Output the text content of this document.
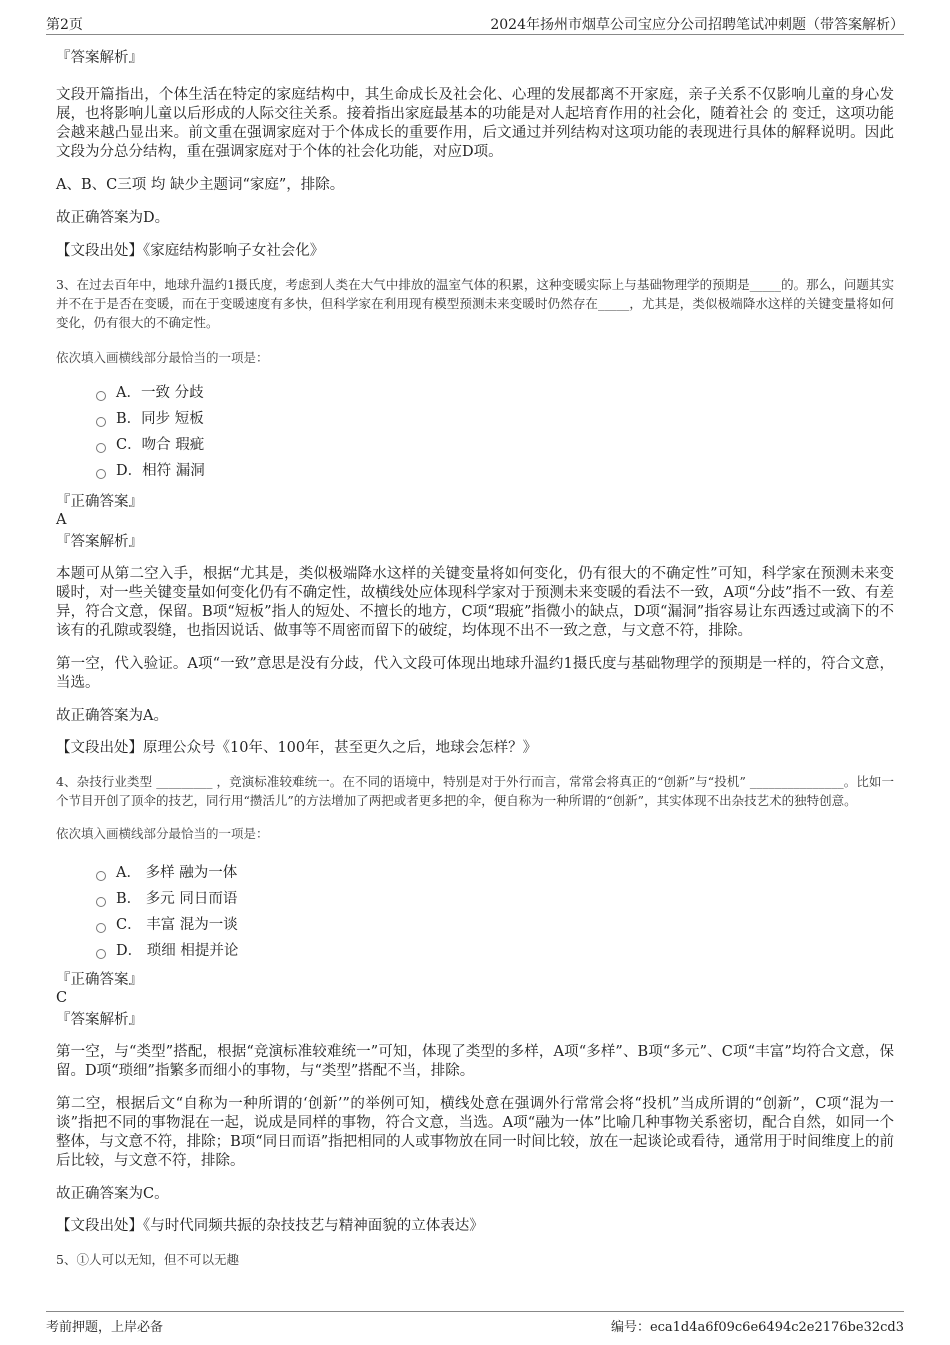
第2页	2024年扬州市烟草公司宝应分公司招聘笔试冲刺题（带答案解析）

『答案解析』

文段开篇指出，个体生活在特定的家庭结构中，其生命成长及社会化、心理的发展都离不开家庭，亲子关系不仅影响儿童的身心发展，也将影响儿童以后形成的人际交往关系。接着指出家庭最基本的功能是对人起培育作用的社会化，随着社会 的 变迁，这项功能会越来越凸显出来。前文重在强调家庭对于个体成长的重要作用，后文通过并列结构对这项功能的表现进行具体的解释说明。因此文段为分总分结构，重在强调家庭对于个体的社会化功能，对应D项。

A、B、C三项 均 缺少主题词“家庭”，排除。

故正确答案为D。

【文段出处】《家庭结构影响子女社会化》

3、在过去百年中，地球升温约1摄氏度，考虑到人类在大气中排放的温室气体的积累，这种变暖实际上与基础物理学的预期是_____的。那么，问题其实并不在于是否在变暖，而在于变暖速度有多快，但科学家在利用现有模型预测未来变暖时仍然存在_____，尤其是，类似极端降水这样的关键变量将如何变化，仍有很大的不确定性。

依次填入画横线部分最恰当的一项是：

A．一致 分歧
B．同步 短板
C．吻合 瑕疵
D．相符 漏洞

『正确答案』

A

『答案解析』

本题可从第二空入手，根据“尤其是，类似极端降水这样的关键变量将如何变化，仍有很大的不确定性”可知，科学家在预测未来变暖时，对一些关键变量如何变化仍有不确定性，故横线处应体现科学家对于预测未来变暖的看法不一致，A项“分歧”指不一致、有差异，符合文意，保留。B项“短板”指人的短处、不擅长的地方，C项“瑕疵”指微小的缺点，D项“漏洞”指容易让东西透过或滴下的不该有的孔隙或裂缝，也指因说话、做事等不周密而留下的破绽，均体现不出不一致之意，与文意不符，排除。

第一空，代入验证。A项“一致”意思是没有分歧，代入文段可体现出地球升温约1摄氏度与基础物理学的预期是一样的，符合文意，当选。

故正确答案为A。

【文段出处】原理公众号《10年、100年，甚至更久之后，地球会怎样？》

4、杂技行业类型 _________ ，竞演标准较难统一。在不同的语境中，特别是对于外行而言，常常会将真正的“创新”与“投机” _______________。比如一个节目开创了顶伞的技艺，同行用“攒活儿”的方法增加了两把或者更多把的伞，便自称为一种所谓的“创新”，其实体现不出杂技艺术的独特创意。

依次填入画横线部分最恰当的一项是：

A． 多样 融为一体
B． 多元 同日而语
C． 丰富 混为一谈
D． 琐细 相提并论

『正确答案』

C

『答案解析』

第一空，与“类型”搭配，根据“竞演标准较难统一”可知，体现了类型的多样，A项“多样”、B项“多元”、C项“丰富”均符合文意，保留。D项“琐细”指繁多而细小的事物，与“类型”搭配不当，排除。

第二空，根据后文“自称为一种所谓的‘创新’”的举例可知，横线处意在强调外行常常会将“投机”当成所谓的“创新”，C项“混为一谈”指把不同的事物混在一起，说成是同样的事物，符合文意，当选。A项“融为一体”比喻几种事物关系密切，配合自然，如同一个整体，与文意不符，排除；B项“同日而语”指把相同的人或事物放在同一时间比较，放在一起谈论或看待，通常用于时间维度上的前后比较，与文意不符，排除。

故正确答案为C。

【文段出处】《与时代同频共振的杂技技艺与精神面貌的立体表达》

5、①人可以无知，但不可以无趣

考前押题，上岸必备	编号：eca1d4a6f09c6e6494c2e2176be32cd3
